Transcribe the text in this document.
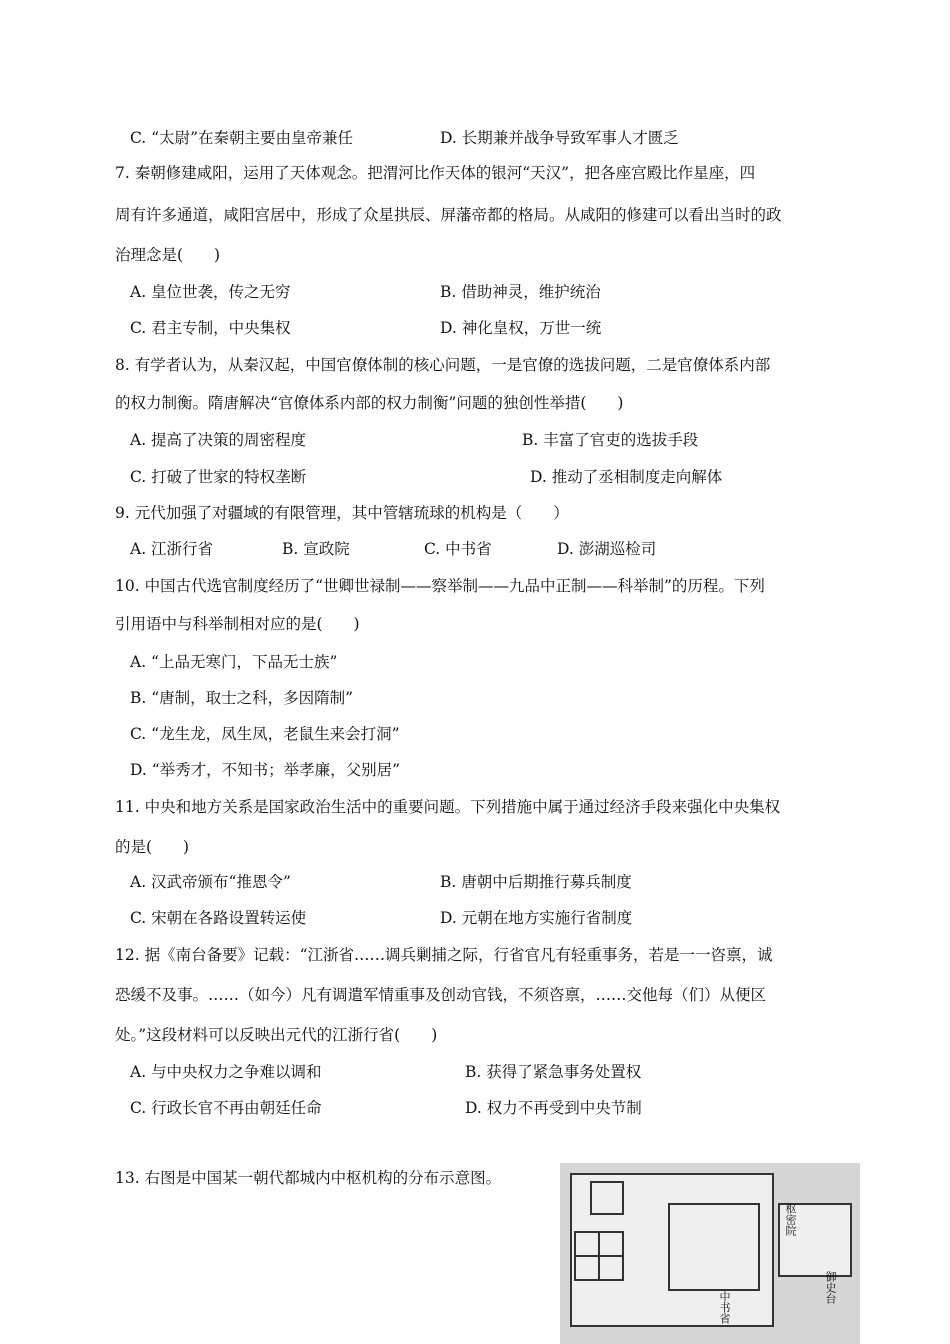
C. “太尉”在秦朝主要由皇帝兼任	D. 长期兼并战争导致军事人才匮乏
7. 秦朝修建咸阳，运用了天体观念。把渭河比作天体的银河“天汉”，把各座宫殿比作星座，四
周有许多通道，咸阳宫居中，形成了众星拱辰、屏藩帝都的格局。从咸阳的修建可以看出当时的政
治理念是(　　)
A. 皇位世袭，传之无穷	B. 借助神灵，维护统治
C. 君主专制，中央集权	D. 神化皇权，万世一统
8. 有学者认为，从秦汉起，中国官僚体制的核心问题，一是官僚的选拔问题，二是官僚体系内部
的权力制衡。隋唐解决“官僚体系内部的权力制衡”问题的独创性举措(　　)
A. 提高了决策的周密程度	B. 丰富了官吏的选拔手段
C. 打破了世家的特权垄断	D. 推动了丞相制度走向解体
9. 元代加强了对疆域的有限管理，其中管辖琉球的机构是（　　）
A. 江浙行省	B. 宣政院	C. 中书省	D. 澎湖巡检司
10. 中国古代选官制度经历了“世卿世禄制——察举制——九品中正制——科举制”的历程。下列
引用语中与科举制相对应的是(　　)
A. “上品无寒门，下品无士族”
B. “唐制，取士之科，多因隋制”
C. “龙生龙，凤生凤，老鼠生来会打洞”
D. “举秀才，不知书；举孝廉，父别居”
11. 中央和地方关系是国家政治生活中的重要问题。下列措施中属于通过经济手段来强化中央集权
的是(　　)
A. 汉武帝颁布“推恩令”	B. 唐朝中后期推行募兵制度
C. 宋朝在各路设置转运使	D. 元朝在地方实施行省制度
12. 据《南台备要》记载：“江浙省……调兵剿捕之际，行省官凡有轻重事务，若是一一咨禀，诚
恐缓不及事。……（如今）凡有调遣军情重事及创动官钱，不须咨禀，……交他每（们）从便区
处。”这段材料可以反映出元代的江浙行省(　　)
A. 与中央权力之争难以调和	B. 获得了紧急事务处置权
C. 行政长官不再由朝廷任命	D. 权力不再受到中央节制
13. 右图是中国某一朝代都城内中枢机构的分布示意图。
枢密院
御史台
中书省
